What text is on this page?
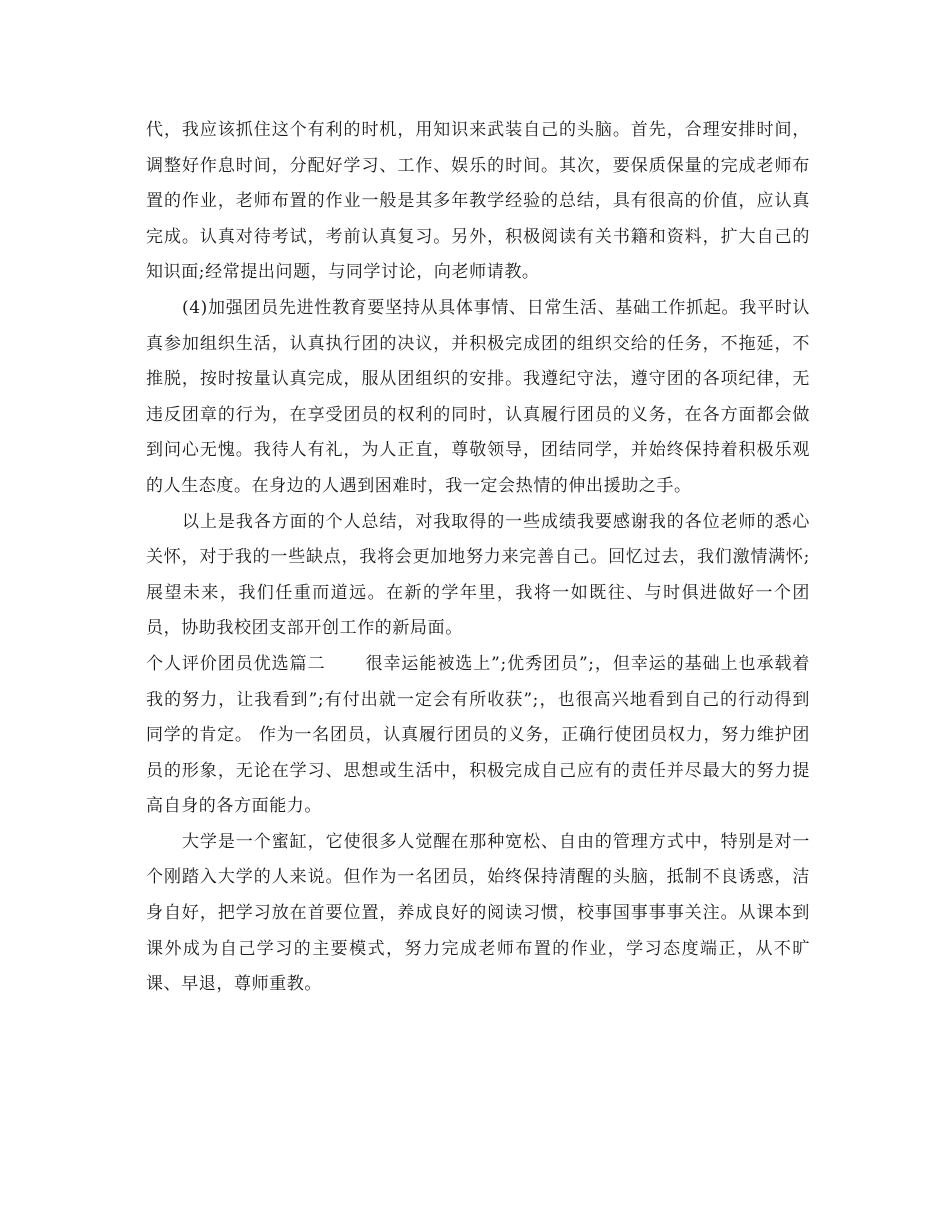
代，我应该抓住这个有利的时机，用知识来武装自己的头脑。首先，合理安排时间，调整好作息时间，分配好学习、工作、娱乐的时间。其次，要保质保量的完成老师布置的作业，老师布置的作业一般是其多年教学经验的总结，具有很高的价值，应认真完成。认真对待考试，考前认真复习。另外，积极阅读有关书籍和资料，扩大自己的知识面;经常提出问题，与同学讨论，向老师请教。

(4)加强团员先进性教育要坚持从具体事情、日常生活、基础工作抓起。我平时认真参加组织生活，认真执行团的决议，并积极完成团的组织交给的任务，不拖延，不推脱，按时按量认真完成，服从团组织的安排。我遵纪守法，遵守团的各项纪律，无违反团章的行为，在享受团员的权利的同时，认真履行团员的义务，在各方面都会做到问心无愧。我待人有礼，为人正直，尊敬领导，团结同学，并始终保持着积极乐观的人生态度。在身边的人遇到困难时，我一定会热情的伸出援助之手。

以上是我各方面的个人总结，对我取得的一些成绩我要感谢我的各位老师的悉心关怀，对于我的一些缺点，我将会更加地努力来完善自己。回忆过去，我们激情满怀;展望未来，我们任重而道远。在新的学年里，我将一如既往、与时俱进做好一个团员，协助我校团支部开创工作的新局面。

个人评价团员优选篇二 很幸运能被选上”;优秀团员”;，但幸运的基础上也承载着我的努力，让我看到”;有付出就一定会有所收获”;，也很高兴地看到自己的行动得到同学的肯定。 作为一名团员，认真履行团员的义务，正确行使团员权力，努力维护团员的形象，无论在学习、思想或生活中，积极完成自己应有的责任并尽最大的努力提高自身的各方面能力。

大学是一个蜜缸，它使很多人觉醒在那种宽松、自由的管理方式中，特别是对一个刚踏入大学的人来说。但作为一名团员，始终保持清醒的头脑，抵制不良诱惑，洁身自好，把学习放在首要位置，养成良好的阅读习惯，校事国事事事关注。从课本到课外成为自己学习的主要模式，努力完成老师布置的作业，学习态度端正，从不旷课、早退，尊师重教。
